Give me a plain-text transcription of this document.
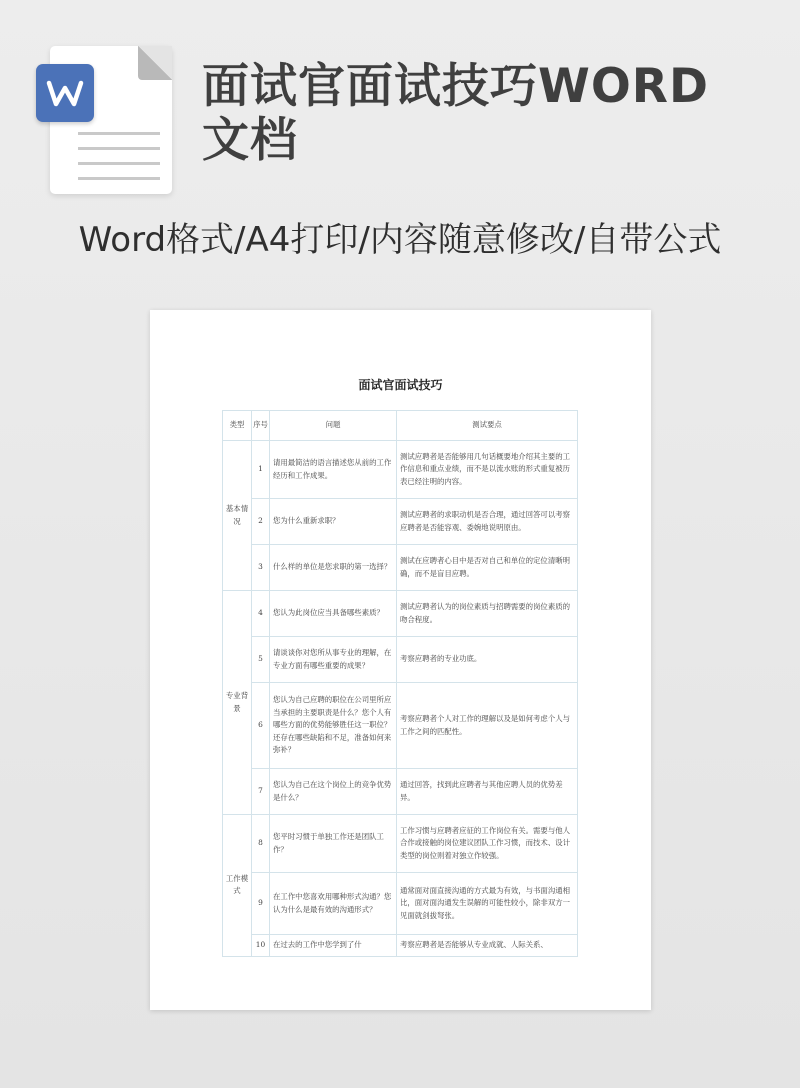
面试官面试技巧WORD文档
Word格式/A4打印/内容随意修改/自带公式
面试官面试技巧
类型	序号	问题	测试要点
基本情况	1	请用最简洁的语言描述您从前的工作经历和工作成果。	测试应聘者是否能够用几句话概要地介绍其主要的工作信息和重点业绩，而不是以流水账的形式重复被历表已经注明的内容。
	2	您为什么重新求职？	测试应聘者的求职动机是否合理，通过回答可以考察应聘者是否能容观、委婉地说明原由。
	3	什么样的单位是您求职的第一选择？	测试在应聘者心目中是否对自己和单位的定位清晰明确，而不是盲目应聘。
专业背景	4	您认为此岗位应当具备哪些素质？	测试应聘者认为的岗位素质与招聘需要的岗位素质的吻合程度。
	5	请谈谈你对您所从事专业的理解，在专业方面有哪些重要的成果？	考察应聘者的专业功底。
	6	您认为自己应聘的职位在公司里所应当承担的主要职责是什么？您个人有哪些方面的优势能够胜任这一职位？还存在哪些缺陷和不足，准备如何来弥补？	考察应聘者个人对工作的理解以及是如何考虑个人与工作之间的匹配性。
	7	您认为自己在这个岗位上的竞争优势是什么？	通过回答，找到此应聘者与其他应聘人员的优势差异。
工作模式	8	您平时习惯于单独工作还是团队工作？	工作习惯与应聘者应征的工作岗位有关。需要与他人合作或接触的岗位建议团队工作习惯，而技术、设计类型的岗位则着对独立作较强。
	9	在工作中您喜欢用哪种形式沟通？您认为什么是最有效的沟通形式？	通常面对面直接沟通的方式最为有效，与书面沟通相比，面对面沟通发生误解的可能性较小，除非双方一见面就剑拔弩张。
	10	在过去的工作中您学到了什	考察应聘者是否能够从专业成就、人际关系、
